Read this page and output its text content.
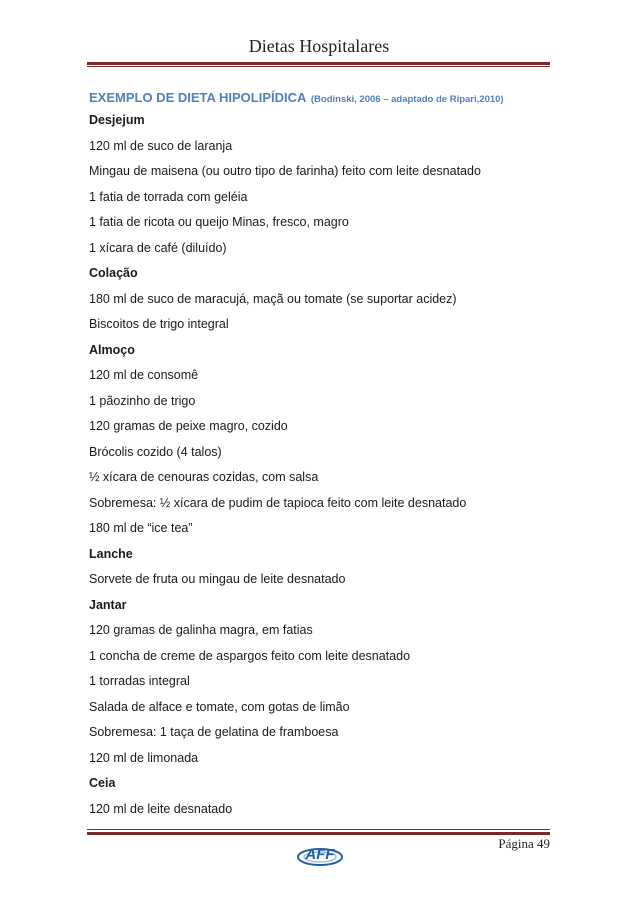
Dietas Hospitalares
EXEMPLO DE DIETA HIPOLIPÍDICA (Bodinski, 2006 – adaptado de Ripari,2010)
Desjejum
120 ml de suco de laranja
Mingau de maisena (ou outro tipo de farinha) feito com leite desnatado
1 fatia de torrada com geléia
1 fatia de ricota ou queijo Minas, fresco, magro
1 xícara de café (diluído)
Colação
180 ml de suco de maracujá, maçã ou tomate (se suportar acidez)
Biscoitos de trigo integral
Almoço
120 ml de consomê
1 pãozinho de trigo
120 gramas de peixe magro, cozido
Brócolis cozido (4 talos)
½ xícara de cenouras cozidas, com salsa
Sobremesa: ½ xícara de pudim de tapioca feito com leite desnatado
180 ml de “ice tea”
Lanche
Sorvete de fruta ou mingau de leite desnatado
Jantar
120 gramas de galinha magra, em fatias
1 concha de creme de aspargos feito com leite desnatado
1 torradas integral
Salada de alface e tomate, com gotas de limão
Sobremesa: 1 taça de gelatina de framboesa
120 ml de limonada
Ceia
120 ml de leite desnatado
Página 49
AFF
